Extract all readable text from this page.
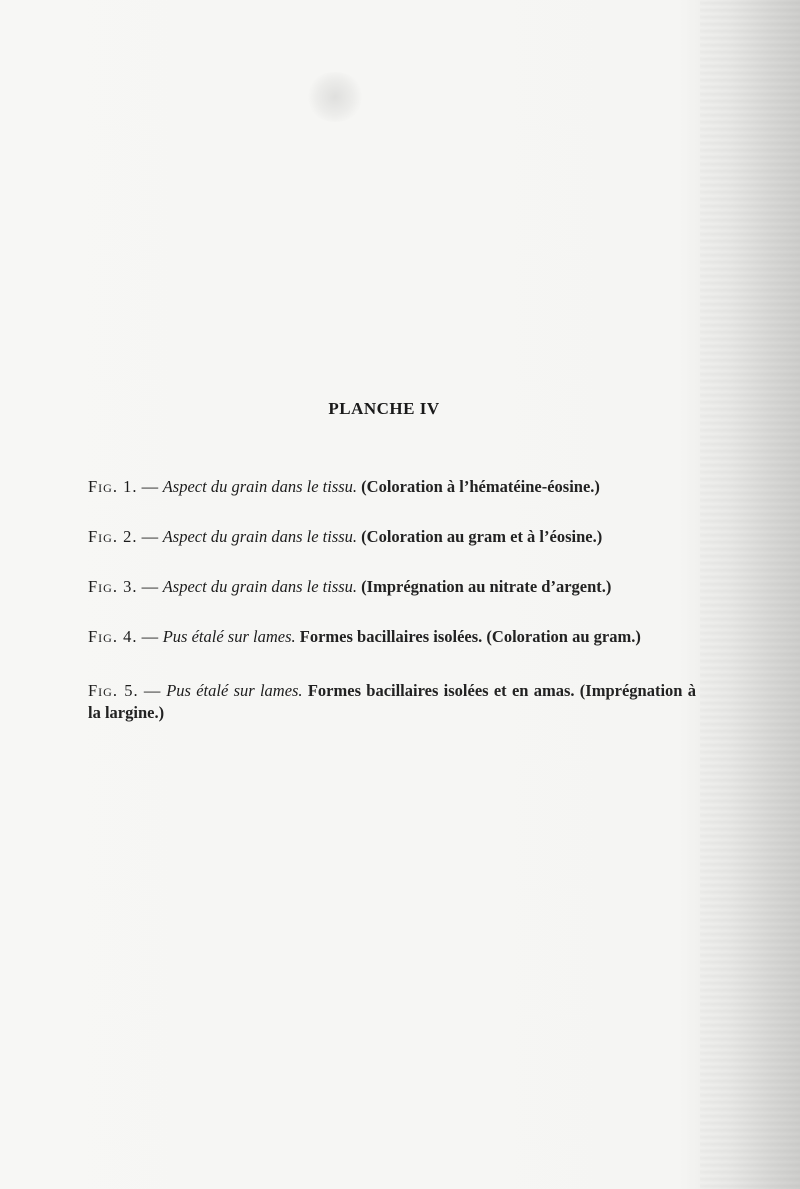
PLANCHE IV
Fig. 1. — Aspect du grain dans le tissu. (Coloration à l’hématéine-éosine.)
Fig. 2. — Aspect du grain dans le tissu. (Coloration au gram et à l’éosine.)
Fig. 3. — Aspect du grain dans le tissu. (Imprégnation au nitrate d’argent.)
Fig. 4. — Pus étalé sur lames. Formes bacillaires isolées. (Coloration au gram.)
Fig. 5. — Pus étalé sur lames. Formes bacillaires isolées et en amas. (Imprégnation à la largine.)
